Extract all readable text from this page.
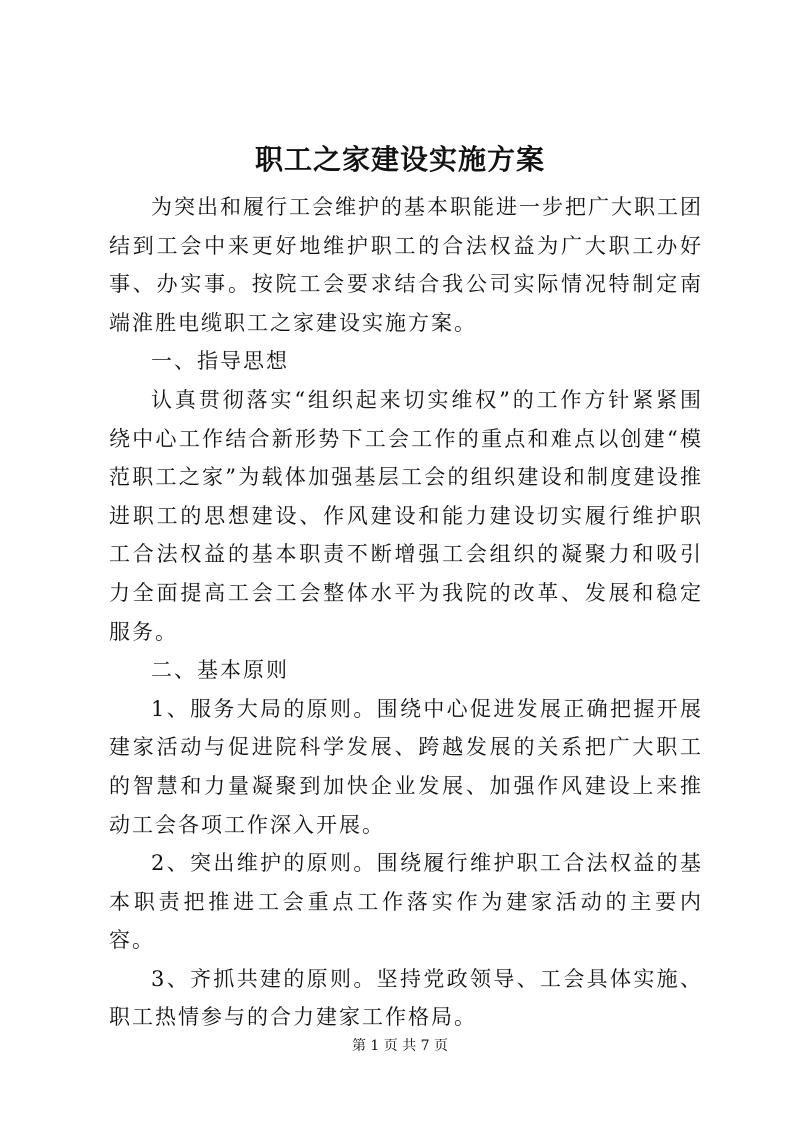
职工之家建设实施方案

为突出和履行工会维护的基本职能进一步把广大职工团结到工会中来更好地维护职工的合法权益为广大职工办好事、办实事。按院工会要求结合我公司实际情况特制定南端淮胜电缆职工之家建设实施方案。

一、指导思想

认真贯彻落实“组织起来切实维权”的工作方针紧紧围绕中心工作结合新形势下工会工作的重点和难点以创建“模范职工之家”为载体加强基层工会的组织建设和制度建设推进职工的思想建设、作风建设和能力建设切实履行维护职工合法权益的基本职责不断增强工会组织的凝聚力和吸引力全面提高工会工会整体水平为我院的改革、发展和稳定服务。

二、基本原则

1、服务大局的原则。围绕中心促进发展正确把握开展建家活动与促进院科学发展、跨越发展的关系把广大职工的智慧和力量凝聚到加快企业发展、加强作风建设上来推动工会各项工作深入开展。

2、突出维护的原则。围绕履行维护职工合法权益的基本职责把推进工会重点工作落实作为建家活动的主要内容。

3、齐抓共建的原则。坚持党政领导、工会具体实施、职工热情参与的合力建家工作格局。

第 1 页 共 7 页
